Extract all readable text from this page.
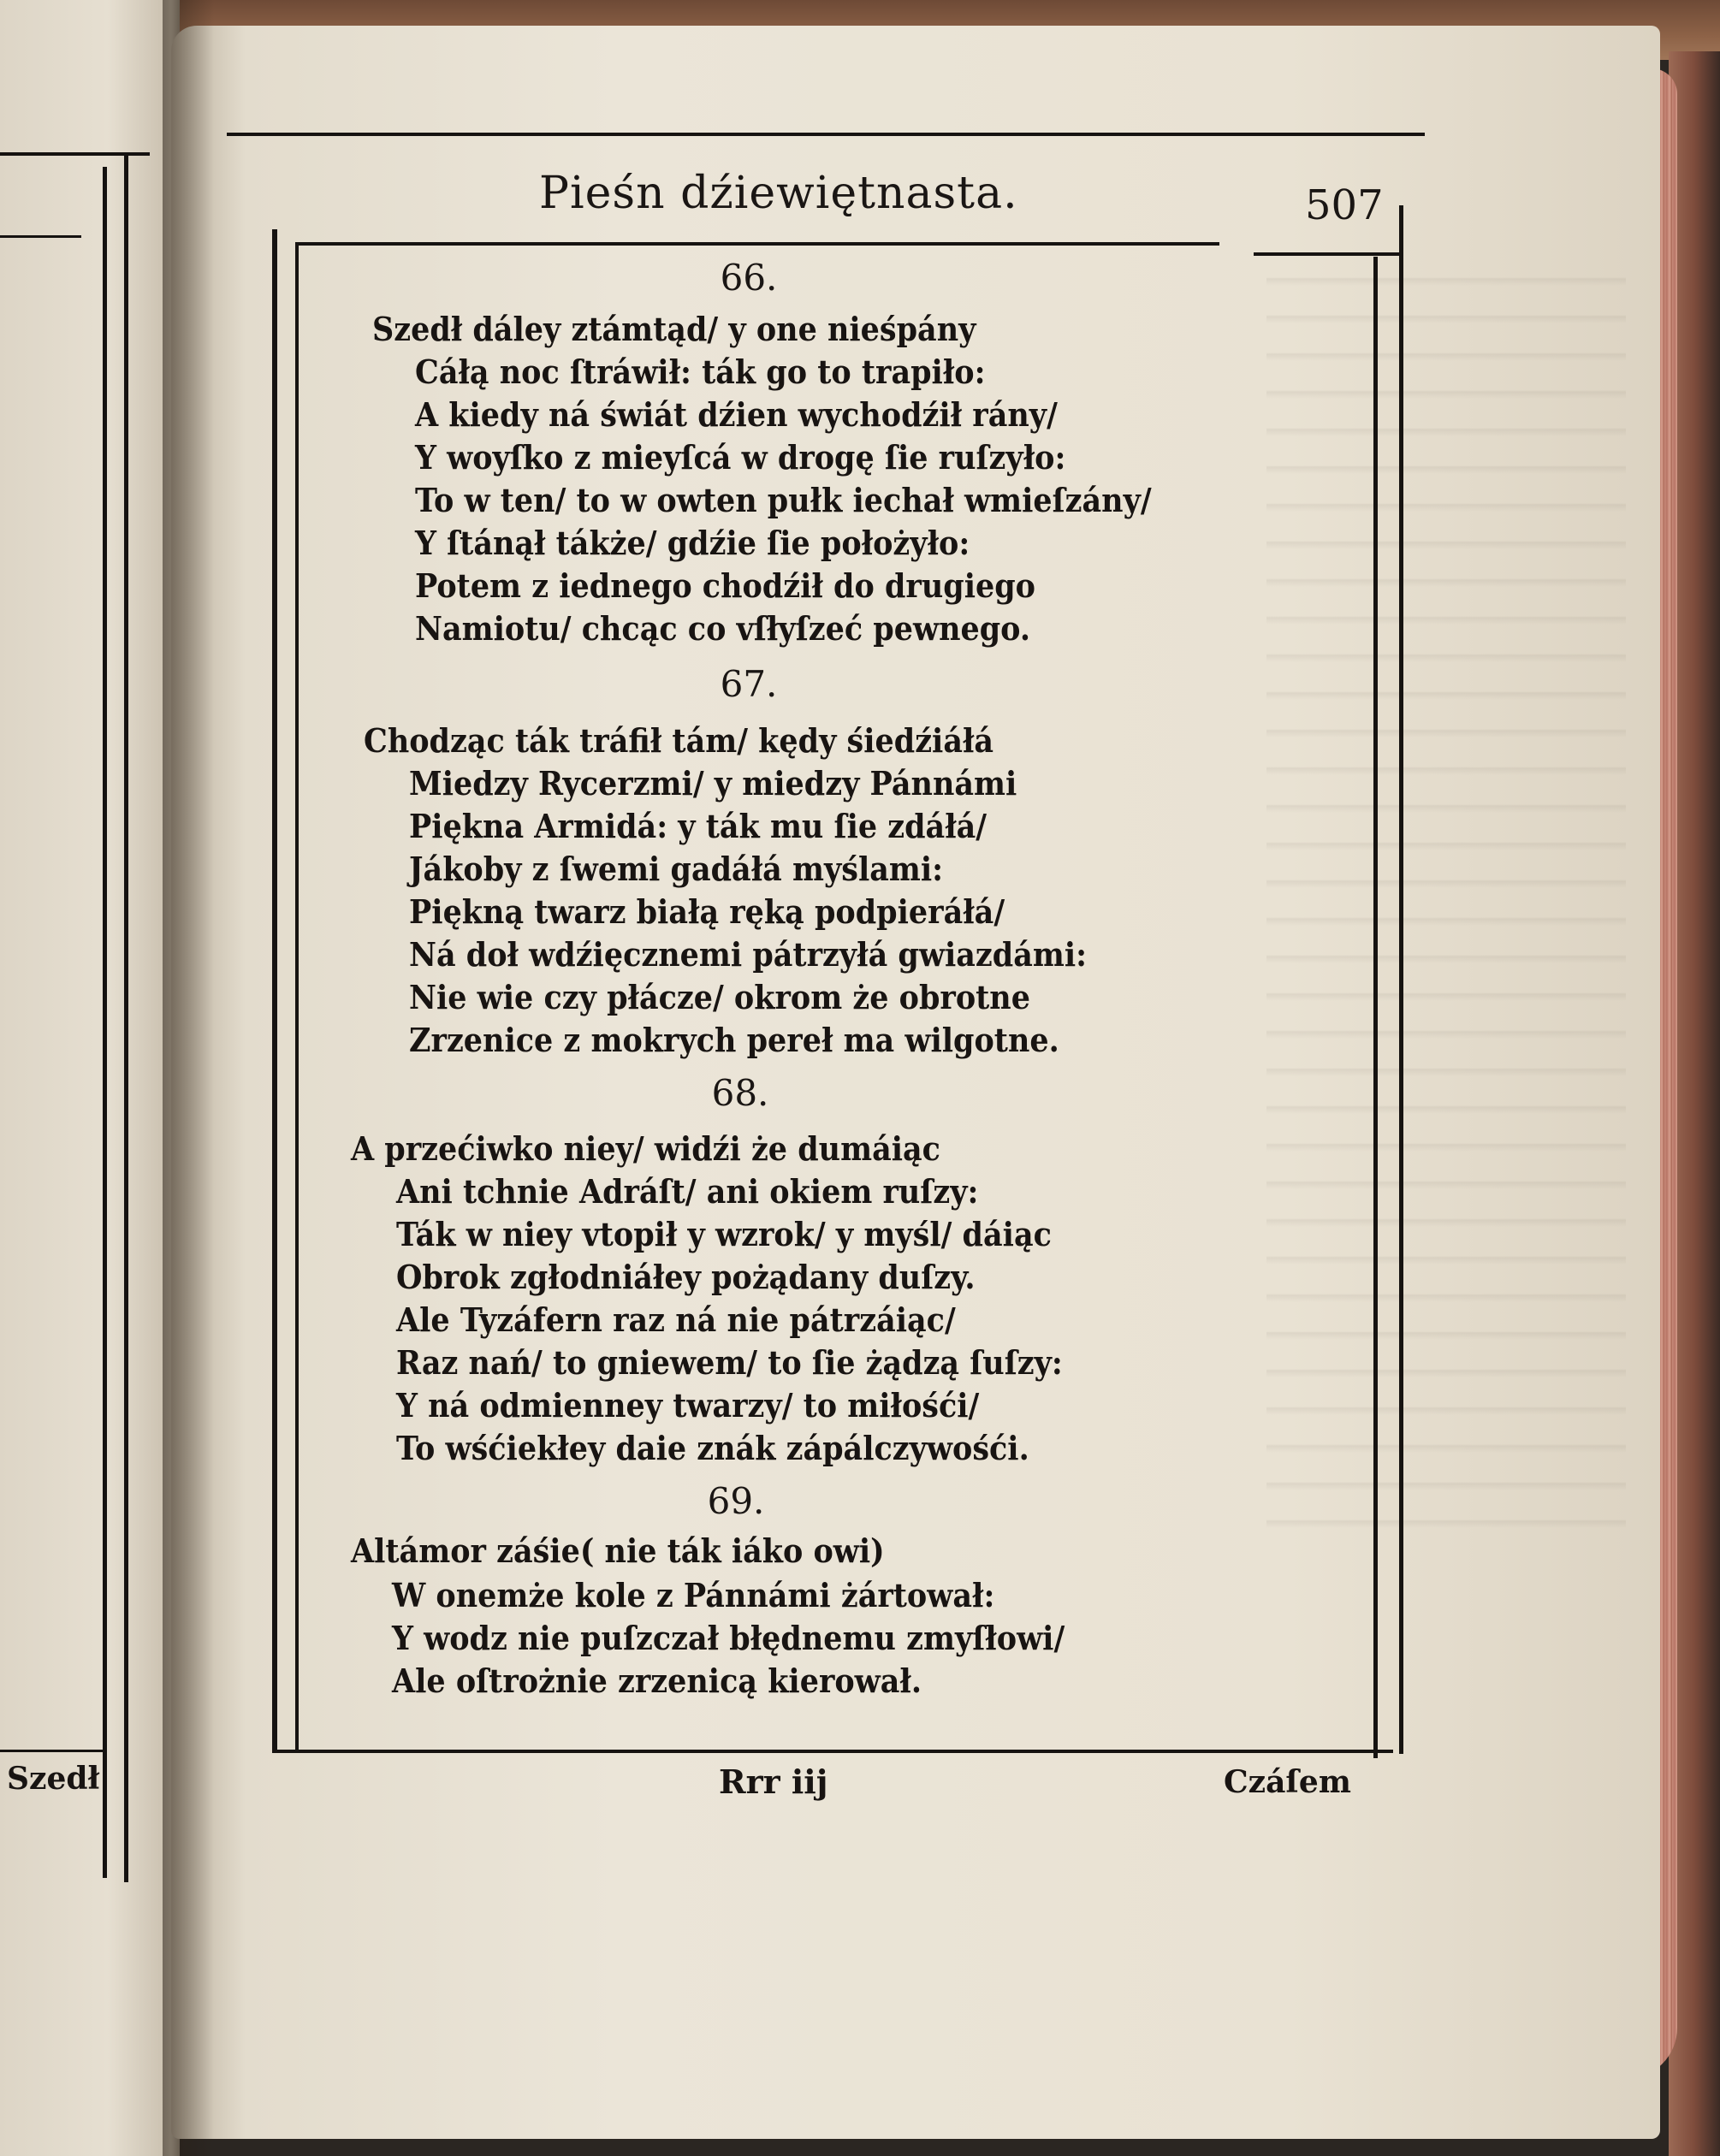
Pieśn dźiewiętnasta.	507
66.
Szedł dáley ztámtąd/ y one nieśpány
Cáłą noc ſtráwił: ták go to trapiło:
A kiedy ná świát dźien wychodźił rány/
Y woyſko z mieyſcá w drogę ſie ruſzyło:
To w ten/ to w owten pułk iechał wmieſzány/
Y ſtánął tákże/ gdźie ſie położyło:
Potem z iednego chodźił do drugiego
Namiotu/ chcąc co vſłyſzeć pewnego.
67.
Chodząc ták tráfił tám/ kędy śiedźiáłá
Miedzy Rycerzmi/ y miedzy Pánnámi
Piękna Armidá: y ták mu ſie zdáłá/
Jákoby z ſwemi gadáłá myślami:
Piękną twarz białą ręką podpieráłá/
Ná doł wdźięcznemi pátrzyłá gwiazdámi:
Nie wie czy płácze/ okrom że obrotne
Zrzenice z mokrych pereł ma wilgotne.
68.
A przećiwko niey/ widźi że dumáiąc
Ani tchnie Adráſt/ ani okiem ruſzy:
Ták w niey vtopił y wzrok/ y myśl/ dáiąc
Obrok zgłodniáłey pożądany duſzy.
Ale Tyzáfern raz ná nie pátrzáiąc/
Raz nań/ to gniewem/ to ſie żądzą ſuſzy:
Y ná odmienney twarzy/ to miłośći/
To wśćiekłey daie znák zápálczywośći.
69.
Altámor záśie( nie ták iáko owi)
W onemże kole z Pánnámi żártował:
Y wodz nie puſzczał błędnemu zmyſłowi/
Ale oſtrożnie zrzenicą kierował.
Szedł	Rrr iij	Czáſem
